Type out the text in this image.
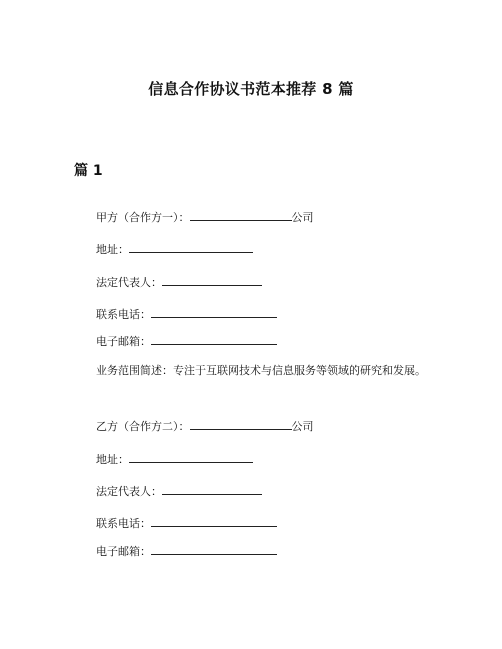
信息合作协议书范本推荐 8 篇
篇 1
甲方（合作方一）：	公司
地址：
法定代表人：
联系电话：
电子邮箱：
业务范围简述：专注于互联网技术与信息服务等领域的研究和发展。
乙方（合作方二）：	公司
地址：
法定代表人：
联系电话：
电子邮箱：
